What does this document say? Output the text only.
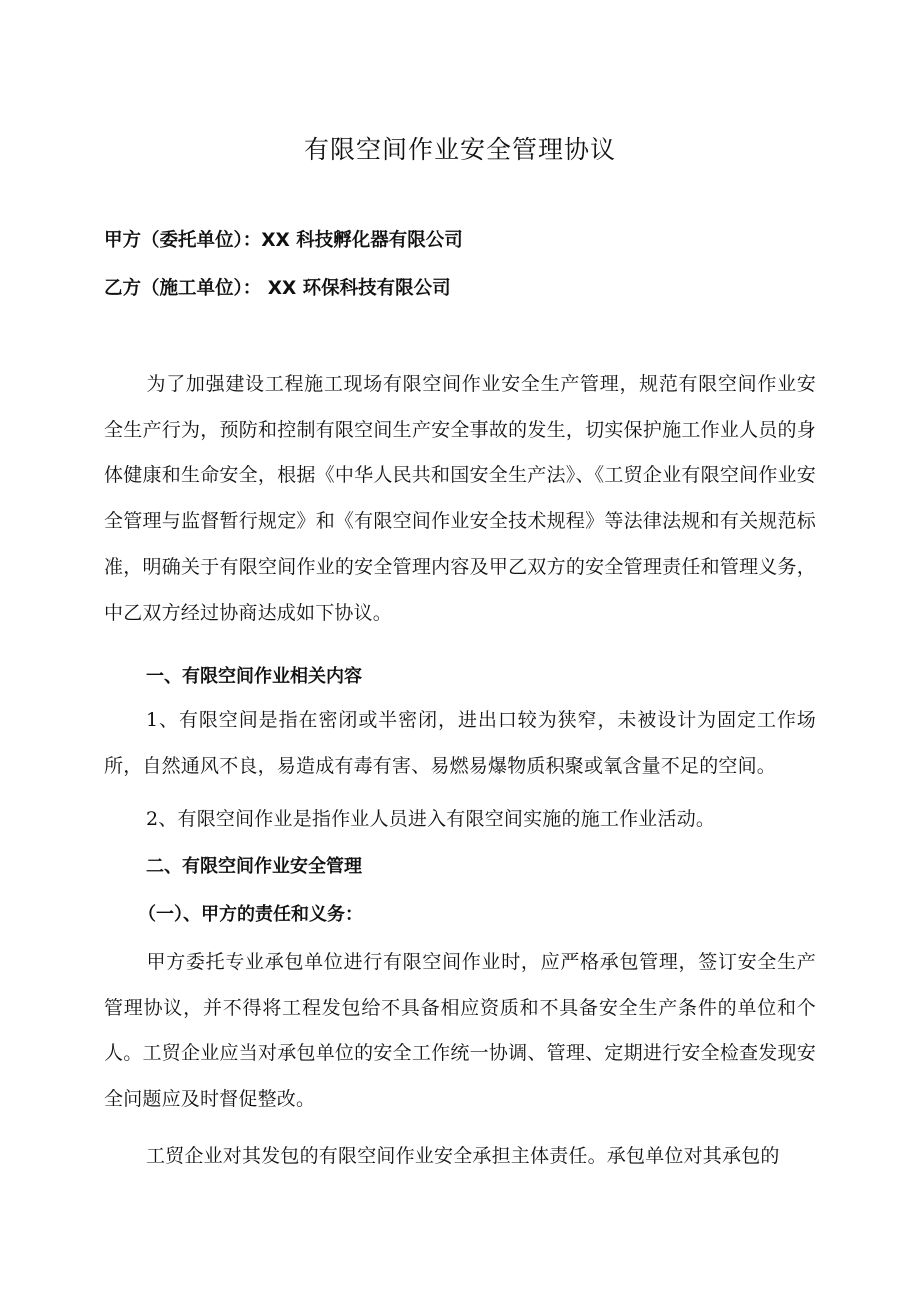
有限空间作业安全管理协议
甲方（委托单位）：XX 科技孵化器有限公司
乙方（施工单位）： XX 环保科技有限公司
为了加强建设工程施工现场有限空间作业安全生产管理，规范有限空间作业安全生产行为，预防和控制有限空间生产安全事故的发生，切实保护施工作业人员的身体健康和生命安全，根据《中华人民共和国安全生产法》、《工贸企业有限空间作业安全管理与监督暂行规定》和《有限空间作业安全技术规程》等法律法规和有关规范标准，明确关于有限空间作业的安全管理内容及甲乙双方的安全管理责任和管理义务，中乙双方经过协商达成如下协议。
一、有限空间作业相关内容
1、有限空间是指在密闭或半密闭，进出口较为狭窄，未被设计为固定工作场所，自然通风不良，易造成有毒有害、易燃易爆物质积聚或氧含量不足的空间。
2、有限空间作业是指作业人员进入有限空间实施的施工作业活动。
二、有限空间作业安全管理
（一）、甲方的责任和义务：
甲方委托专业承包单位进行有限空间作业时，应严格承包管理，签订安全生产管理协议，并不得将工程发包给不具备相应资质和不具备安全生产条件的单位和个人。工贸企业应当对承包单位的安全工作统一协调、管理、定期进行安全检查发现安全问题应及时督促整改。
工贸企业对其发包的有限空间作业安全承担主体责任。承包单位对其承包的
